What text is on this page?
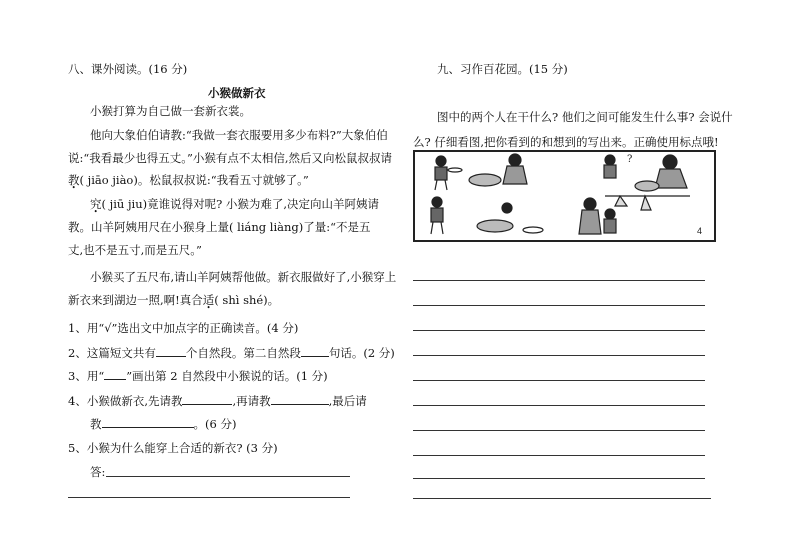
八、课外阅读。(16 分)
小猴做新衣
小猴打算为自己做一套新衣裳。
他向大象伯伯请教:“我做一套衣服要用多少布料?”大象伯伯
说:“我看最少也得五丈。”小猴有点不太相信,然后又向松鼠叔叔请
教( jiāo jiào)。松鼠叔叔说:“我看五寸就够了。”
究( jiū jiu)竟谁说得对呢? 小猴为难了,决定向山羊阿姨请
教。山羊阿姨用尺在小猴身上量( liáng liàng)了量:“不是五
丈,也不是五寸,而是五尺。”
小猴买了五尺布,请山羊阿姨帮他做。新衣服做好了,小猴穿上
新衣来到湖边一照,啊!真合适( shì shé)。
1、用“√”选出文中加点字的正确读音。(4 分)
2、这篇短文共有	个自然段。第二自然段 句话。(2 分)
3、用“ ”画出第 2 自然段中小猴说的话。(1 分)
4、小猴做新衣,先请教	,再请教	,最后请
教	。(6 分)
5、小猴为什么能穿上合适的新衣? (3 分)
答:
九、习作百花园。(15 分)
图中的两个人在干什么? 他们之间可能发生什么事? 会说什
么? 仔细看图,把你看到的和想到的写出来。正确使用标点哦!
?
4
